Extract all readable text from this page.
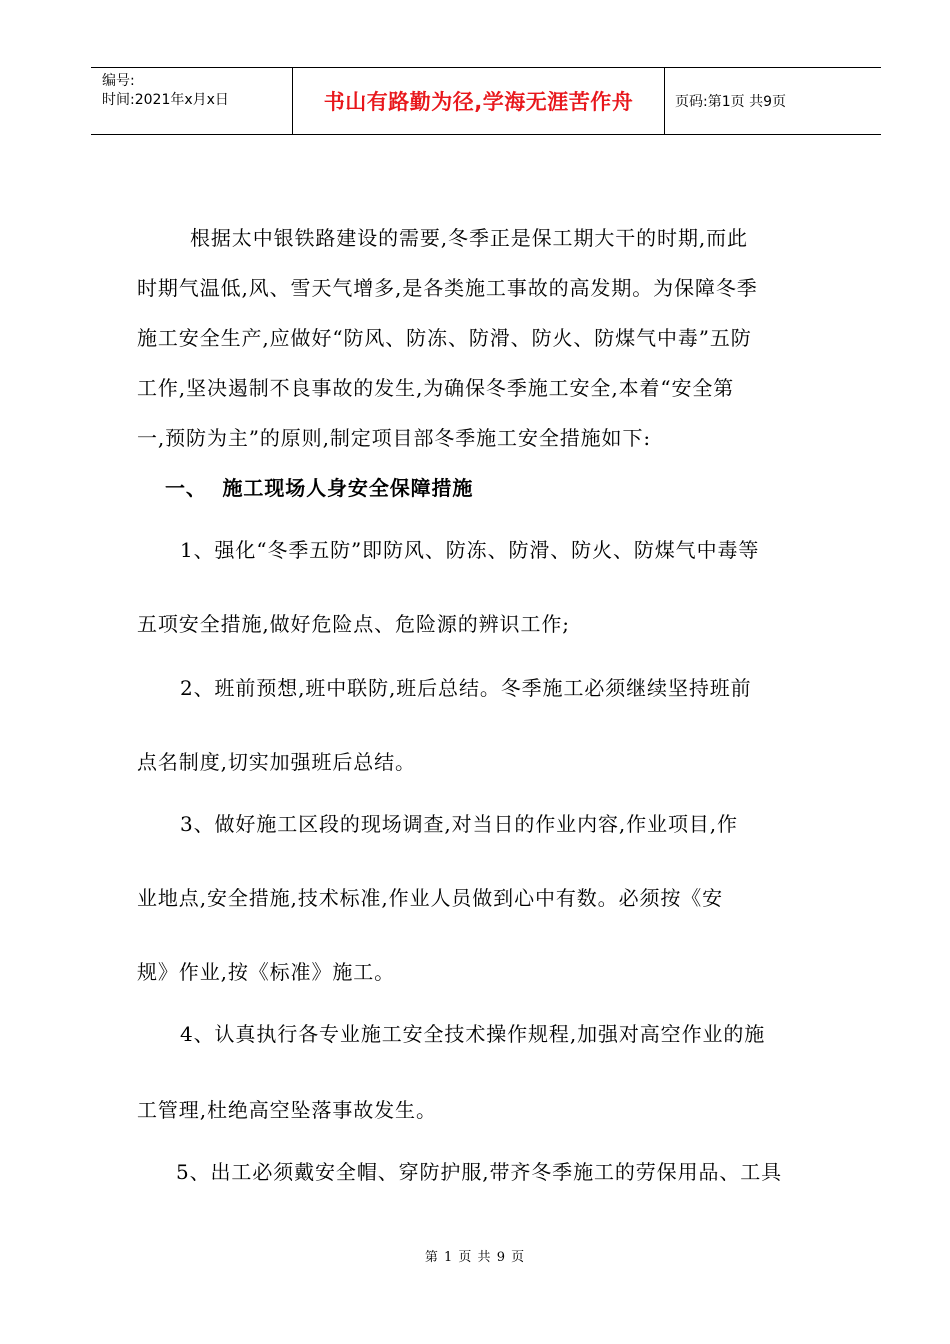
编号:
时间:2021年x月x日	书山有路勤为径,学海无涯苦作舟	页码:第1页 共9页
根据太中银铁路建设的需要,冬季正是保工期大干的时期,而此
时期气温低,风、雪天气增多,是各类施工事故的高发期。为保障冬季
施工安全生产,应做好“防风、防冻、防滑、防火、防煤气中毒”五防
工作,坚决遏制不良事故的发生,为确保冬季施工安全,本着“安全第
一,预防为主”的原则,制定项目部冬季施工安全措施如下:
一、  施工现场人身安全保障措施
1、强化“冬季五防”即防风、防冻、防滑、防火、防煤气中毒等
五项安全措施,做好危险点、危险源的辨识工作;
2、班前预想,班中联防,班后总结。冬季施工必须继续坚持班前
点名制度,切实加强班后总结。
3、做好施工区段的现场调查,对当日的作业内容,作业项目,作
业地点,安全措施,技术标准,作业人员做到心中有数。必须按《安
规》作业,按《标准》施工。
4、认真执行各专业施工安全技术操作规程,加强对高空作业的施
工管理,杜绝高空坠落事故发生。
5、出工必须戴安全帽、穿防护服,带齐冬季施工的劳保用品、工具
第 1 页 共 9 页
